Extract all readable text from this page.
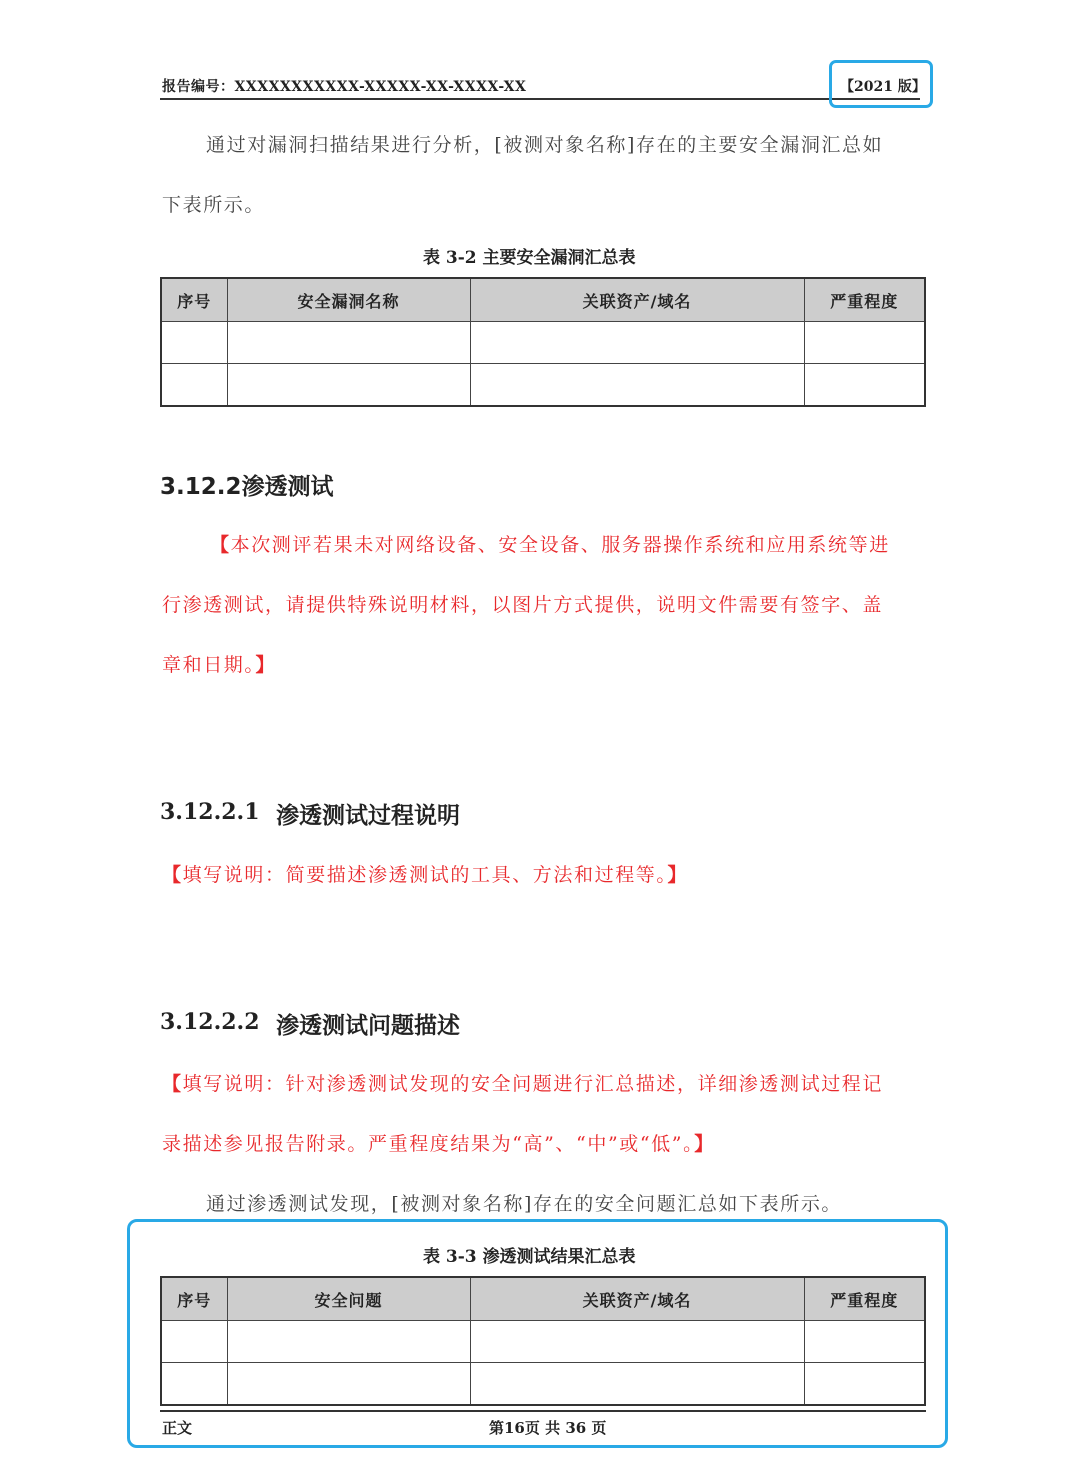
报告编号：XXXXXXXXXXX-XXXXX-XX-XXXX-XX	【2021 版】
通过对漏洞扫描结果进行分析，[被测对象名称]存在的主要安全漏洞汇总如
下表所示。
表 3-2 主要安全漏洞汇总表
序号	安全漏洞名称	关联资产/域名	严重程度

3.12.2渗透测试
【本次测评若果未对网络设备、安全设备、服务器操作系统和应用系统等进
行渗透测试，请提供特殊说明材料，以图片方式提供，说明文件需要有签字、盖
章和日期。】
3.12.2.1 渗透测试过程说明
【填写说明：简要描述渗透测试的工具、方法和过程等。】
3.12.2.2 渗透测试问题描述
【填写说明：针对渗透测试发现的安全问题进行汇总描述，详细渗透测试过程记
录描述参见报告附录。严重程度结果为“高”、“中”或“低”。】
通过渗透测试发现，[被测对象名称]存在的安全问题汇总如下表所示。
表 3-3 渗透测试结果汇总表
序号	安全问题	关联资产/域名	严重程度

正文	第16页 共 36 页
